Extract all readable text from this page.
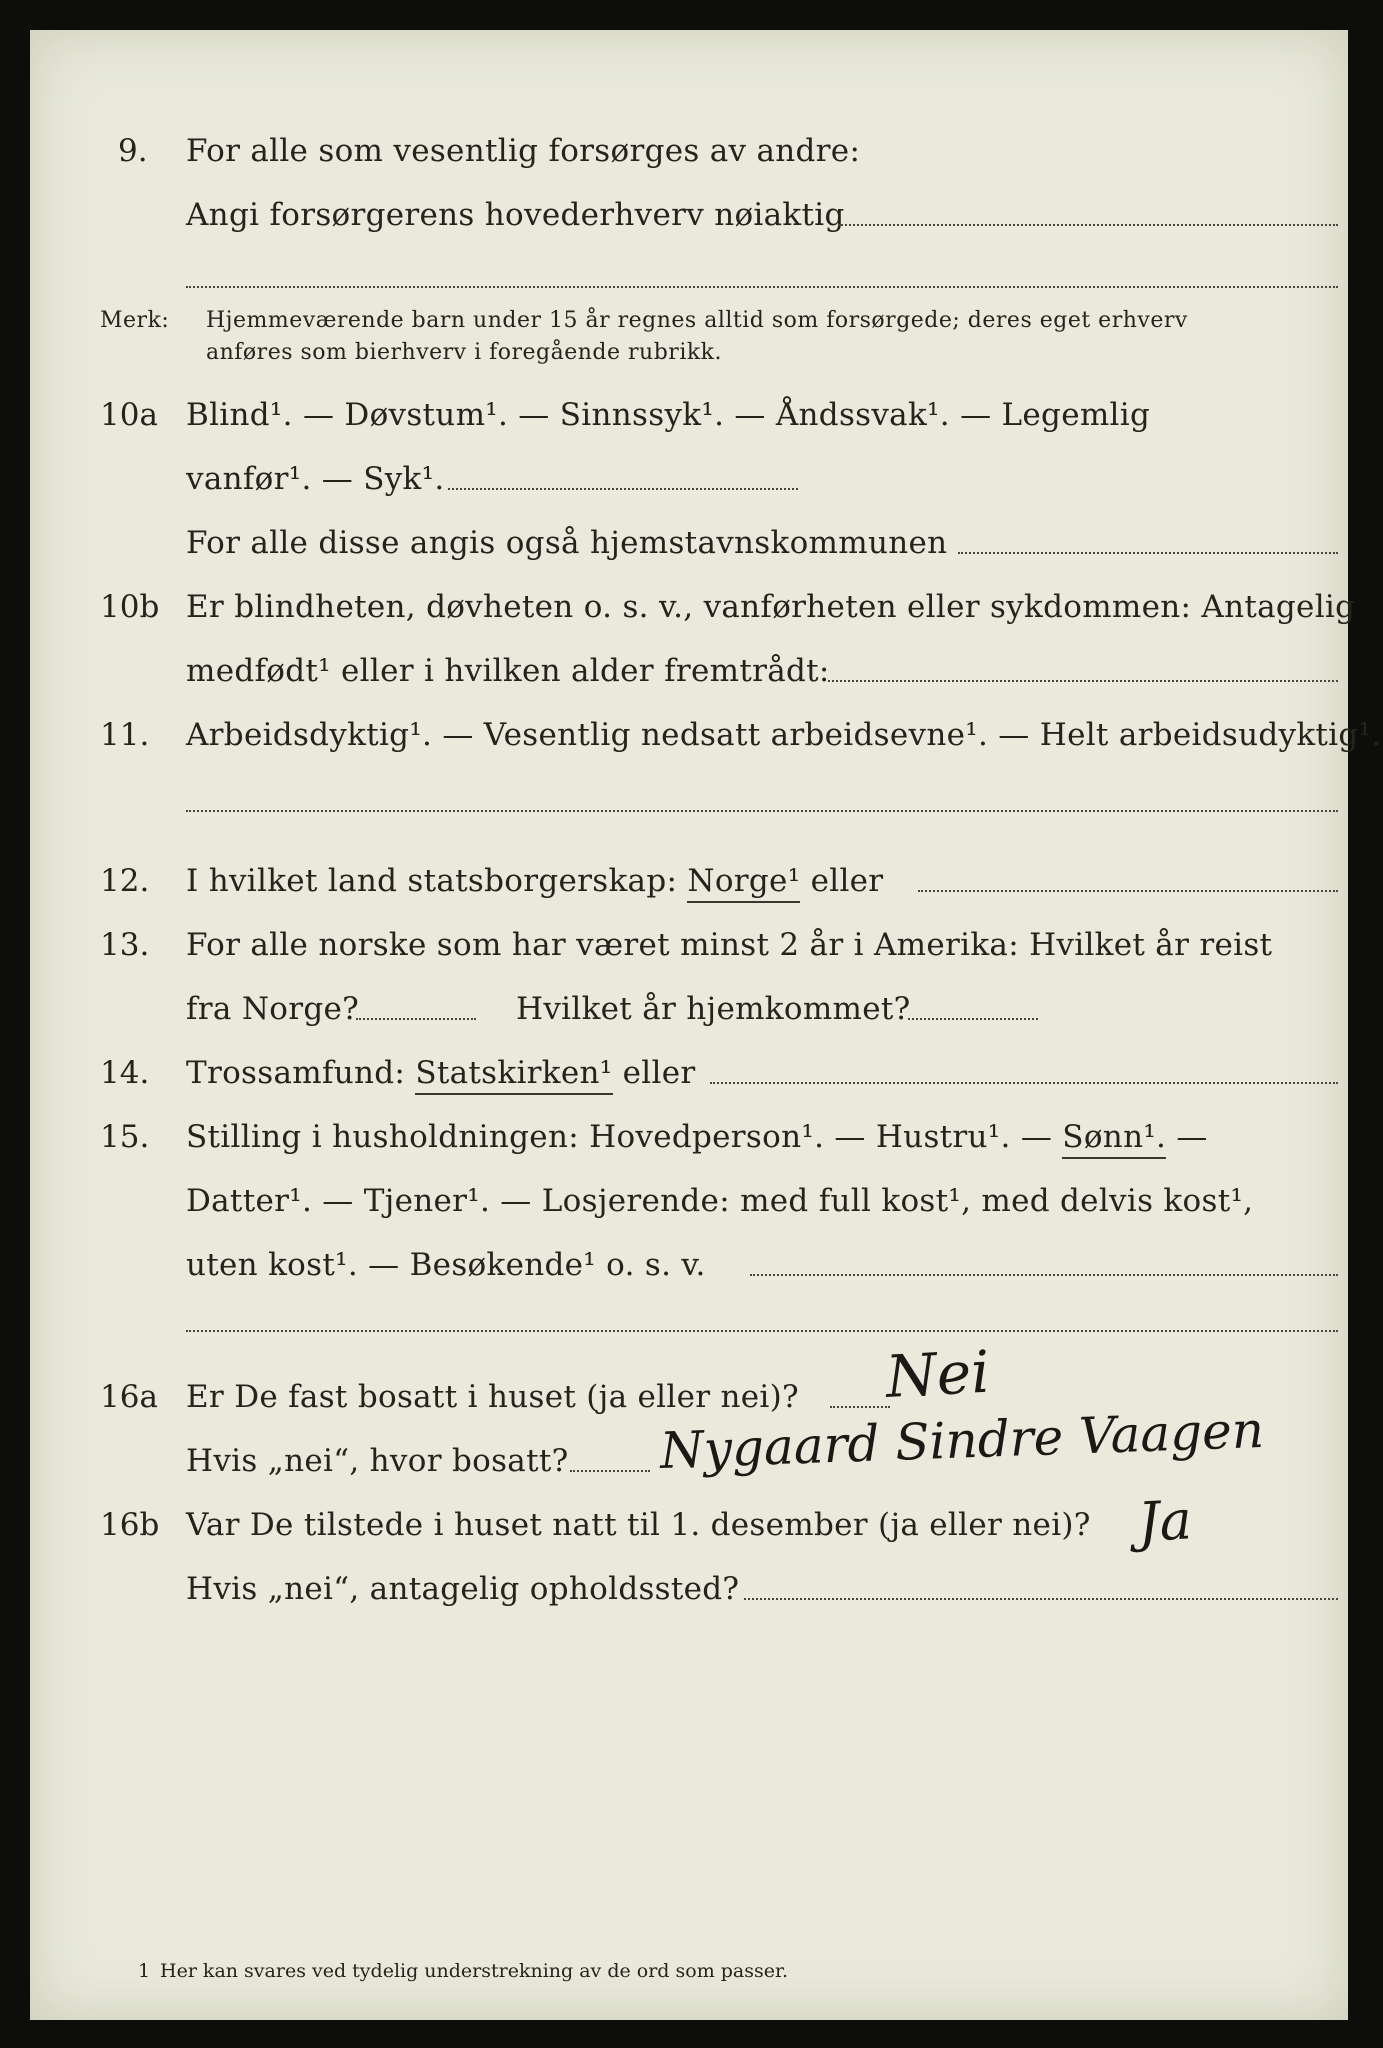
9. For alle som vesentlig forsørges av andre:
Angi forsørgerens hovederhverv nøiaktig
Merk: Hjemmeværende barn under 15 år regnes alltid som forsørgede; deres eget erhverv
anføres som bierhverv i foregående rubrikk.
10a Blind¹. — Døvstum¹. — Sinnssyk¹. — Åndssvak¹. — Legemlig
vanfør¹. — Syk¹.
For alle disse angis også hjemstavnskommunen
10b Er blindheten, døvheten o. s. v., vanførheten eller sykdommen: Antagelig
medfødt¹ eller i hvilken alder fremtrådt:
11. Arbeidsdyktig¹. — Vesentlig nedsatt arbeidsevne¹. — Helt arbeidsudyktig¹.
12. I hvilket land statsborgerskap: Norge¹ eller
13. For alle norske som har været minst 2 år i Amerika: Hvilket år reist
fra Norge?	Hvilket år hjemkommet?
14. Trossamfund: Statskirken¹ eller
15. Stilling i husholdningen: Hovedperson¹. — Hustru¹. — Sønn¹. —
Datter¹. — Tjener¹. — Losjerende: med full kost¹, med delvis kost¹,
uten kost¹. — Besøkende¹ o. s. v.
16a Er De fast bosatt i huset (ja eller nei)? Nei
Hvis „nei“, hvor bosatt? Nygaard Sindre Vaagen
16b Var De tilstede i huset natt til 1. desember (ja eller nei)? Ja
Hvis „nei“, antagelig opholdssted?
1 Her kan svares ved tydelig understrekning av de ord som passer.
